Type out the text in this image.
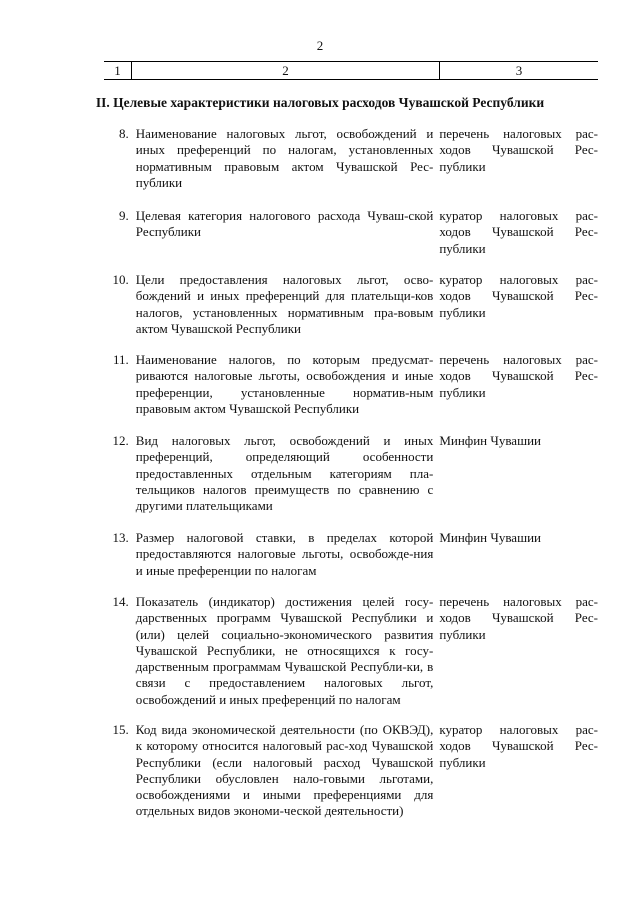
2
1	2	3
II. Целевые характеристики налоговых расходов Чувашской Республики
8. Наименование налоговых льгот, освобождений и иных преференций по налогам, установленных нормативным правовым актом Чувашской Рес-публики
перечень налоговых рас-ходов Чувашской Рес-публики
9. Целевая категория налогового расхода Чуваш-ской Республики
куратор налоговых рас-ходов Чувашской Рес-публики
10. Цели предоставления налоговых льгот, осво-бождений и иных преференций для плательщи-ков налогов, установленных нормативным пра-вовым актом Чувашской Республики
куратор налоговых рас-ходов Чувашской Рес-публики
11. Наименование налогов, по которым предусмат-риваются налоговые льготы, освобождения и иные преференции, установленные норматив-ным правовым актом Чувашской Республики
перечень налоговых рас-ходов Чувашской Рес-публики
12. Вид налоговых льгот, освобождений и иных преференций, определяющий особенности предоставленных отдельным категориям пла-тельщиков налогов преимуществ по сравнению с другими плательщиками
Минфин Чувашии
13. Размер налоговой ставки, в пределах которой предоставляются налоговые льготы, освобожде-ния и иные преференции по налогам
Минфин Чувашии
14. Показатель (индикатор) достижения целей госу-дарственных программ Чувашской Республики и (или) целей социально-экономического развития Чувашской Республики, не относящихся к госу-дарственным программам Чувашской Республи-ки, в связи с предоставлением налоговых льгот, освобождений и иных преференций по налогам
перечень налоговых рас-ходов Чувашской Рес-публики
15. Код вида экономической деятельности (по ОКВЭД), к которому относится налоговый рас-ход Чувашской Республики (если налоговый расход Чувашской Республики обусловлен нало-говыми льготами, освобождениями и иными преференциями для отдельных видов экономи-ческой деятельности)
куратор налоговых рас-ходов Чувашской Рес-публики
